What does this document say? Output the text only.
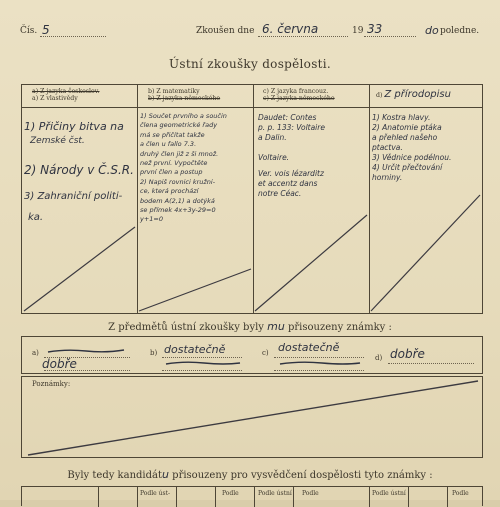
Čís. 5	Zkoušen dne 6. června	19 33	do poledne.
Ústní zkoušky dospělosti.
a) Z jazyka českoslov.
a) Z vlastivědy
b) Z matematiky
b) Z jazyka německého
c) Z jazyka francouz.
c) Z jazyka německého	d) Z přírodopisu
1) Přičiny bitva na
Zemské čst.
2) Národy v Č.S.R.
3) Zahraniční politi-
ka.
1) Součet prvního a součin
člena geometrické řady
má se přičítat takže
a člen u fallo 7.3.
druhý člen již z ši množ.
než první. Vypočtěte
první člen a postup
2) Napiš rovnici kružni-
ce, která prochází
bodem A(2,1) a dotýká
se přímek 4x+3y-29=0
y+1=0
Daudet: Contes
p. p. 133: Voltaire
a Dalin.
Voltaire.
Ver. vois lézarditz
et accentz dans
notre Céac.
1) Kostra hlavy.
2) Anatomie ptáka
a přehled našeho
ptactva.
3) Vědnice podélnou.
4) Určit přečtování
horniny.
Z předmětů ústní zkoušky byly mu přisouzeny známky :
a)
dobře
b) dostatečně	c) dostatečně
d) dobře
Poznámky:
Byly tedy kandidátu přisouzeny pro vysvědčení dospělosti tyto známky :
Podle úst-	Podle	Podle ústní Podle	Podle ústní	Podle
